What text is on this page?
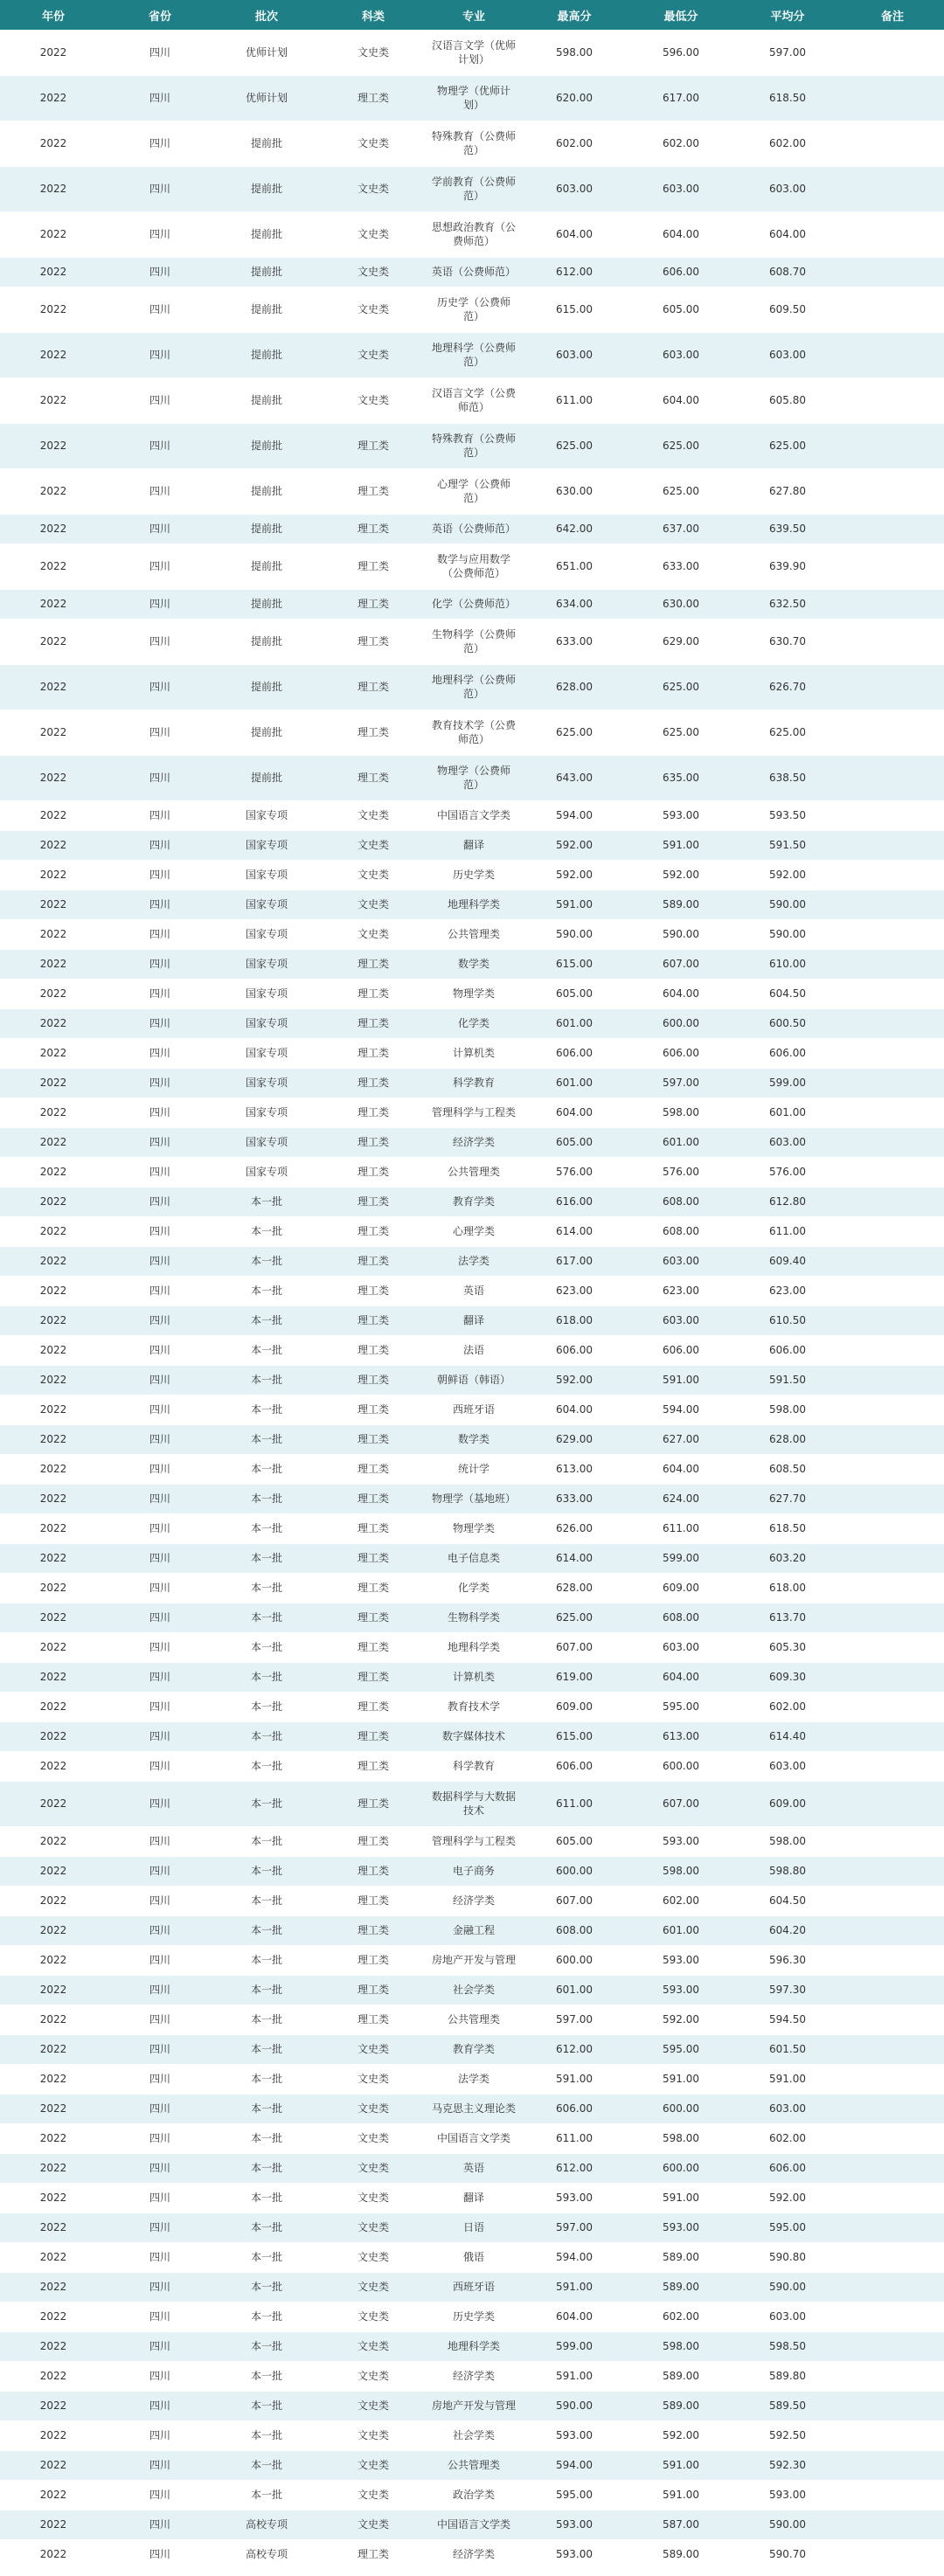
年份	省份	批次	科类	专业	最高分	最低分	平均分	备注
2022	四川	优师计划	文史类	汉语言文学（优师计划）	598.00	596.00	597.00	
2022	四川	优师计划	理工类	物理学（优师计划）	620.00	617.00	618.50	
2022	四川	提前批	文史类	特殊教育（公费师范）	602.00	602.00	602.00	
2022	四川	提前批	文史类	学前教育（公费师范）	603.00	603.00	603.00	
2022	四川	提前批	文史类	思想政治教育（公费师范）	604.00	604.00	604.00	
2022	四川	提前批	文史类	英语（公费师范）	612.00	606.00	608.70	
2022	四川	提前批	文史类	历史学（公费师范）	615.00	605.00	609.50	
2022	四川	提前批	文史类	地理科学（公费师范）	603.00	603.00	603.00	
2022	四川	提前批	文史类	汉语言文学（公费师范）	611.00	604.00	605.80	
2022	四川	提前批	理工类	特殊教育（公费师范）	625.00	625.00	625.00	
2022	四川	提前批	理工类	心理学（公费师范）	630.00	625.00	627.80	
2022	四川	提前批	理工类	英语（公费师范）	642.00	637.00	639.50	
2022	四川	提前批	理工类	数学与应用数学（公费师范）	651.00	633.00	639.90	
2022	四川	提前批	理工类	化学（公费师范）	634.00	630.00	632.50	
2022	四川	提前批	理工类	生物科学（公费师范）	633.00	629.00	630.70	
2022	四川	提前批	理工类	地理科学（公费师范）	628.00	625.00	626.70	
2022	四川	提前批	理工类	教育技术学（公费师范）	625.00	625.00	625.00	
2022	四川	提前批	理工类	物理学（公费师范）	643.00	635.00	638.50	
2022	四川	国家专项	文史类	中国语言文学类	594.00	593.00	593.50	
2022	四川	国家专项	文史类	翻译	592.00	591.00	591.50	
2022	四川	国家专项	文史类	历史学类	592.00	592.00	592.00	
2022	四川	国家专项	文史类	地理科学类	591.00	589.00	590.00	
2022	四川	国家专项	文史类	公共管理类	590.00	590.00	590.00	
2022	四川	国家专项	理工类	数学类	615.00	607.00	610.00	
2022	四川	国家专项	理工类	物理学类	605.00	604.00	604.50	
2022	四川	国家专项	理工类	化学类	601.00	600.00	600.50	
2022	四川	国家专项	理工类	计算机类	606.00	606.00	606.00	
2022	四川	国家专项	理工类	科学教育	601.00	597.00	599.00	
2022	四川	国家专项	理工类	管理科学与工程类	604.00	598.00	601.00	
2022	四川	国家专项	理工类	经济学类	605.00	601.00	603.00	
2022	四川	国家专项	理工类	公共管理类	576.00	576.00	576.00	
2022	四川	本一批	理工类	教育学类	616.00	608.00	612.80	
2022	四川	本一批	理工类	心理学类	614.00	608.00	611.00	
2022	四川	本一批	理工类	法学类	617.00	603.00	609.40	
2022	四川	本一批	理工类	英语	623.00	623.00	623.00	
2022	四川	本一批	理工类	翻译	618.00	603.00	610.50	
2022	四川	本一批	理工类	法语	606.00	606.00	606.00	
2022	四川	本一批	理工类	朝鲜语（韩语）	592.00	591.00	591.50	
2022	四川	本一批	理工类	西班牙语	604.00	594.00	598.00	
2022	四川	本一批	理工类	数学类	629.00	627.00	628.00	
2022	四川	本一批	理工类	统计学	613.00	604.00	608.50	
2022	四川	本一批	理工类	物理学（基地班）	633.00	624.00	627.70	
2022	四川	本一批	理工类	物理学类	626.00	611.00	618.50	
2022	四川	本一批	理工类	电子信息类	614.00	599.00	603.20	
2022	四川	本一批	理工类	化学类	628.00	609.00	618.00	
2022	四川	本一批	理工类	生物科学类	625.00	608.00	613.70	
2022	四川	本一批	理工类	地理科学类	607.00	603.00	605.30	
2022	四川	本一批	理工类	计算机类	619.00	604.00	609.30	
2022	四川	本一批	理工类	教育技术学	609.00	595.00	602.00	
2022	四川	本一批	理工类	数字媒体技术	615.00	613.00	614.40	
2022	四川	本一批	理工类	科学教育	606.00	600.00	603.00	
2022	四川	本一批	理工类	数据科学与大数据技术	611.00	607.00	609.00	
2022	四川	本一批	理工类	管理科学与工程类	605.00	593.00	598.00	
2022	四川	本一批	理工类	电子商务	600.00	598.00	598.80	
2022	四川	本一批	理工类	经济学类	607.00	602.00	604.50	
2022	四川	本一批	理工类	金融工程	608.00	601.00	604.20	
2022	四川	本一批	理工类	房地产开发与管理	600.00	593.00	596.30	
2022	四川	本一批	理工类	社会学类	601.00	593.00	597.30	
2022	四川	本一批	理工类	公共管理类	597.00	592.00	594.50	
2022	四川	本一批	文史类	教育学类	612.00	595.00	601.50	
2022	四川	本一批	文史类	法学类	591.00	591.00	591.00	
2022	四川	本一批	文史类	马克思主义理论类	606.00	600.00	603.00	
2022	四川	本一批	文史类	中国语言文学类	611.00	598.00	602.00	
2022	四川	本一批	文史类	英语	612.00	600.00	606.00	
2022	四川	本一批	文史类	翻译	593.00	591.00	592.00	
2022	四川	本一批	文史类	日语	597.00	593.00	595.00	
2022	四川	本一批	文史类	俄语	594.00	589.00	590.80	
2022	四川	本一批	文史类	西班牙语	591.00	589.00	590.00	
2022	四川	本一批	文史类	历史学类	604.00	602.00	603.00	
2022	四川	本一批	文史类	地理科学类	599.00	598.00	598.50	
2022	四川	本一批	文史类	经济学类	591.00	589.00	589.80	
2022	四川	本一批	文史类	房地产开发与管理	590.00	589.00	589.50	
2022	四川	本一批	文史类	社会学类	593.00	592.00	592.50	
2022	四川	本一批	文史类	公共管理类	594.00	591.00	592.30	
2022	四川	本一批	文史类	政治学类	595.00	591.00	593.00	
2022	四川	高校专项	文史类	中国语言文学类	593.00	587.00	590.00	
2022	四川	高校专项	理工类	经济学类	593.00	589.00	590.70	
